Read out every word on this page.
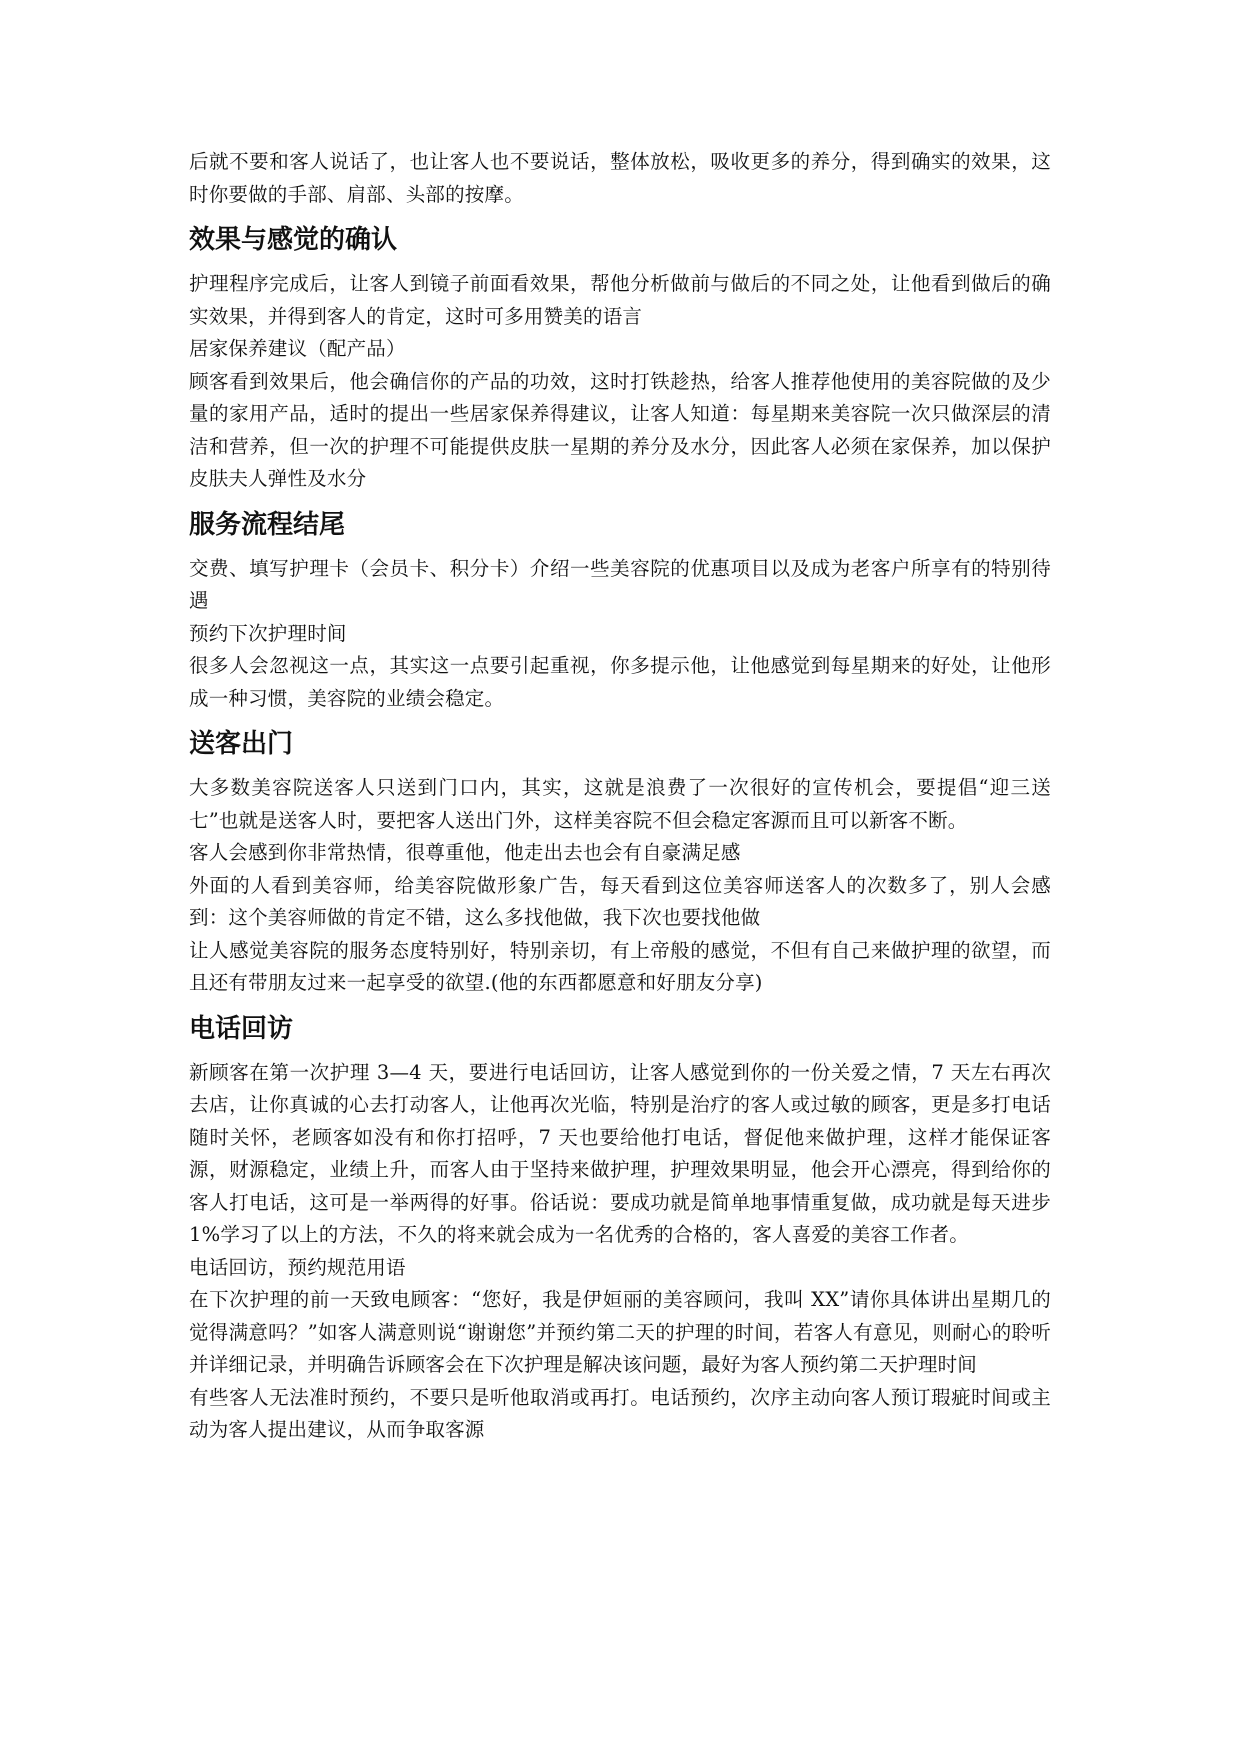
后就不要和客人说话了，也让客人也不要说话，整体放松，吸收更多的养分，得到确实的效果，这时你要做的手部、肩部、头部的按摩。

效果与感觉的确认

护理程序完成后，让客人到镜子前面看效果，帮他分析做前与做后的不同之处，让他看到做后的确实效果，并得到客人的肯定，这时可多用赞美的语言

居家保养建议（配产品）

顾客看到效果后，他会确信你的产品的功效，这时打铁趁热，给客人推荐他使用的美容院做的及少量的家用产品，适时的提出一些居家保养得建议，让客人知道：每星期来美容院一次只做深层的清洁和营养，但一次的护理不可能提供皮肤一星期的养分及水分，因此客人必须在家保养，加以保护皮肤夫人弹性及水分

服务流程结尾

交费、填写护理卡（会员卡、积分卡）介绍一些美容院的优惠项目以及成为老客户所享有的特别待遇

预约下次护理时间

很多人会忽视这一点，其实这一点要引起重视，你多提示他，让他感觉到每星期来的好处，让他形成一种习惯，美容院的业绩会稳定。

送客出门

大多数美容院送客人只送到门口内，其实，这就是浪费了一次很好的宣传机会，要提倡“迎三送七”也就是送客人时，要把客人送出门外，这样美容院不但会稳定客源而且可以新客不断。

客人会感到你非常热情，很尊重他，他走出去也会有自豪满足感

外面的人看到美容师，给美容院做形象广告，每天看到这位美容师送客人的次数多了，别人会感到：这个美容师做的肯定不错，这么多找他做，我下次也要找他做

让人感觉美容院的服务态度特别好，特别亲切，有上帝般的感觉，不但有自己来做护理的欲望，而且还有带朋友过来一起享受的欲望.(他的东西都愿意和好朋友分享)

电话回访

新顾客在第一次护理 3—4 天，要进行电话回访，让客人感觉到你的一份关爱之情，7 天左右再次去店，让你真诚的心去打动客人，让他再次光临，特别是治疗的客人或过敏的顾客，更是多打电话随时关怀，老顾客如没有和你打招呼，7 天也要给他打电话，督促他来做护理，这样才能保证客源，财源稳定，业绩上升，而客人由于坚持来做护理，护理效果明显，他会开心漂亮，得到给你的客人打电话，这可是一举两得的好事。俗话说：要成功就是简单地事情重复做，成功就是每天进步 1%学习了以上的方法，不久的将来就会成为一名优秀的合格的，客人喜爱的美容工作者。

电话回访，预约规范用语

在下次护理的前一天致电顾客：“您好，我是伊姮丽的美容顾问，我叫 XX”请你具体讲出星期几的 觉得满意吗？”如客人满意则说“谢谢您”并预约第二天的护理的时间，若客人有意见，则耐心的聆听并详细记录，并明确告诉顾客会在下次护理是解决该问题，最好为客人预约第二天护理时间

有些客人无法准时预约，不要只是听他取消或再打。电话预约，次序主动向客人预订瑕疵时间或主动为客人提出建议，从而争取客源
